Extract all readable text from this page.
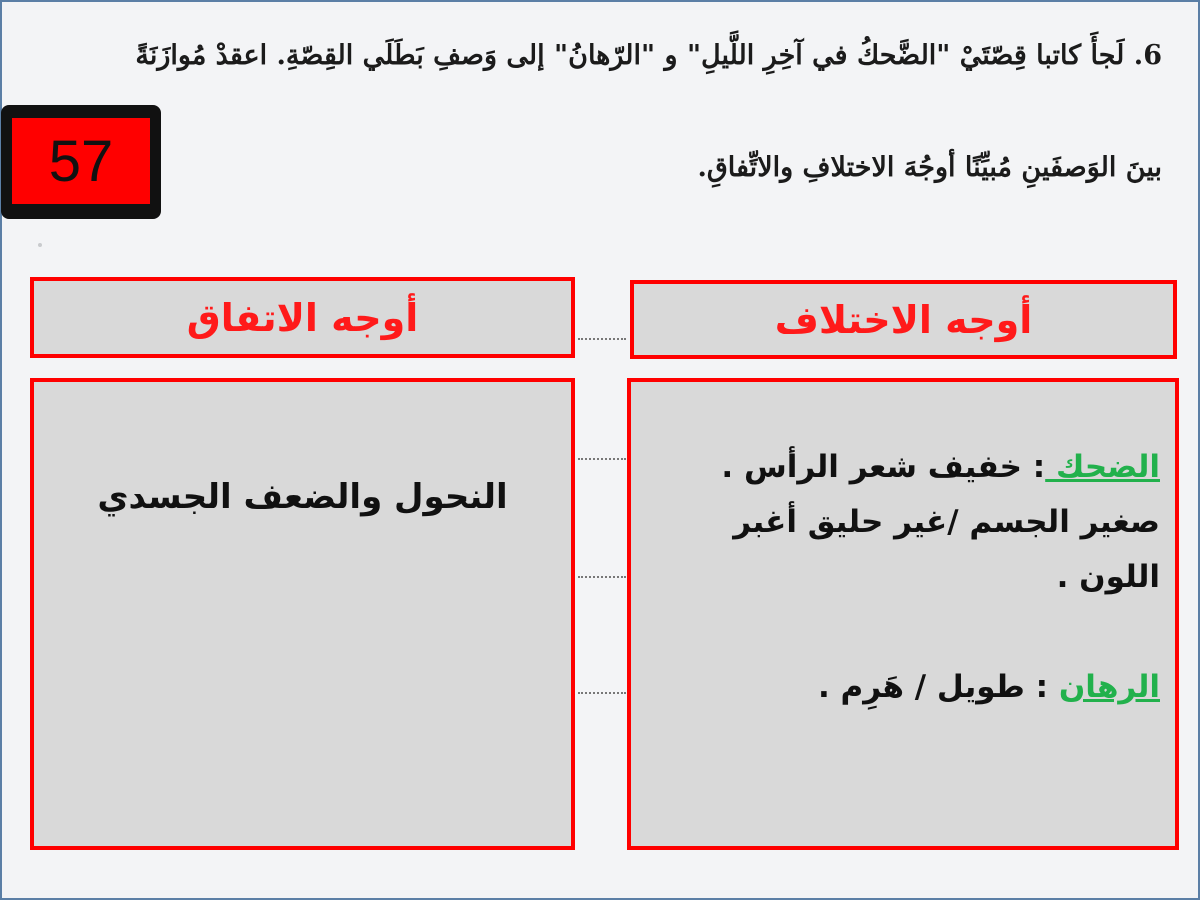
6. لَجأَ كاتبا قِصّتَيْ "الضَّحكُ في آخِرِ اللَّيلِ" و "الرّهانُ" إلى وَصفِ بَطَلَي القِصّةِ. اعقدْ مُوازَنَةً
بينَ الوَصفَينِ مُبيِّنًا أوجُهَ الاختلافِ والاتِّفاقِ.
57
أوجه الاتفاق	أوجه الاختلاف
النحول والضعف الجسدي
الضحك : خفيف شعر الرأس .
صغير الجسم /غير حليق أغبر اللون .
الرهان : طويل / هَرِم .
